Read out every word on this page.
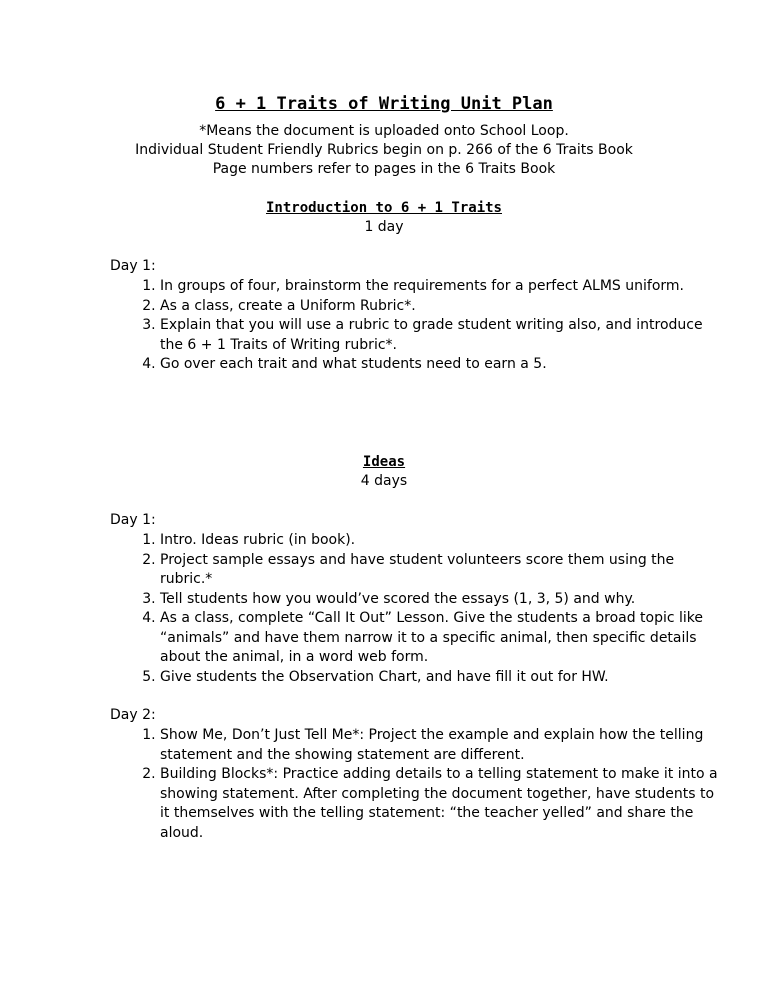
6 + 1 Traits of Writing Unit Plan
*Means the document is uploaded onto School Loop.
Individual Student Friendly Rubrics begin on p. 266 of the 6 Traits Book
Page numbers refer to pages in the 6 Traits Book
Introduction to 6 + 1 Traits
1 day
Day 1:
1. In groups of four, brainstorm the requirements for a perfect ALMS uniform.
2. As a class, create a Uniform Rubric*.
3. Explain that you will use a rubric to grade student writing also, and introduce the 6 + 1 Traits of Writing rubric*.
4. Go over each trait and what students need to earn a 5.
Ideas
4 days
Day 1:
1. Intro. Ideas rubric (in book).
2. Project sample essays and have student volunteers score them using the rubric.*
3. Tell students how you would’ve scored the essays (1, 3, 5) and why.
4. As a class, complete “Call It Out” Lesson. Give the students a broad topic like “animals” and have them narrow it to a specific animal, then specific details about the animal, in a word web form.
5. Give students the Observation Chart, and have fill it out for HW.
Day 2:
1. Show Me, Don’t Just Tell Me*: Project the example and explain how the telling statement and the showing statement are different.
2. Building Blocks*: Practice adding details to a telling statement to make it into a showing statement. After completing the document together, have students to it themselves with the telling statement: “the teacher yelled” and share the aloud.
